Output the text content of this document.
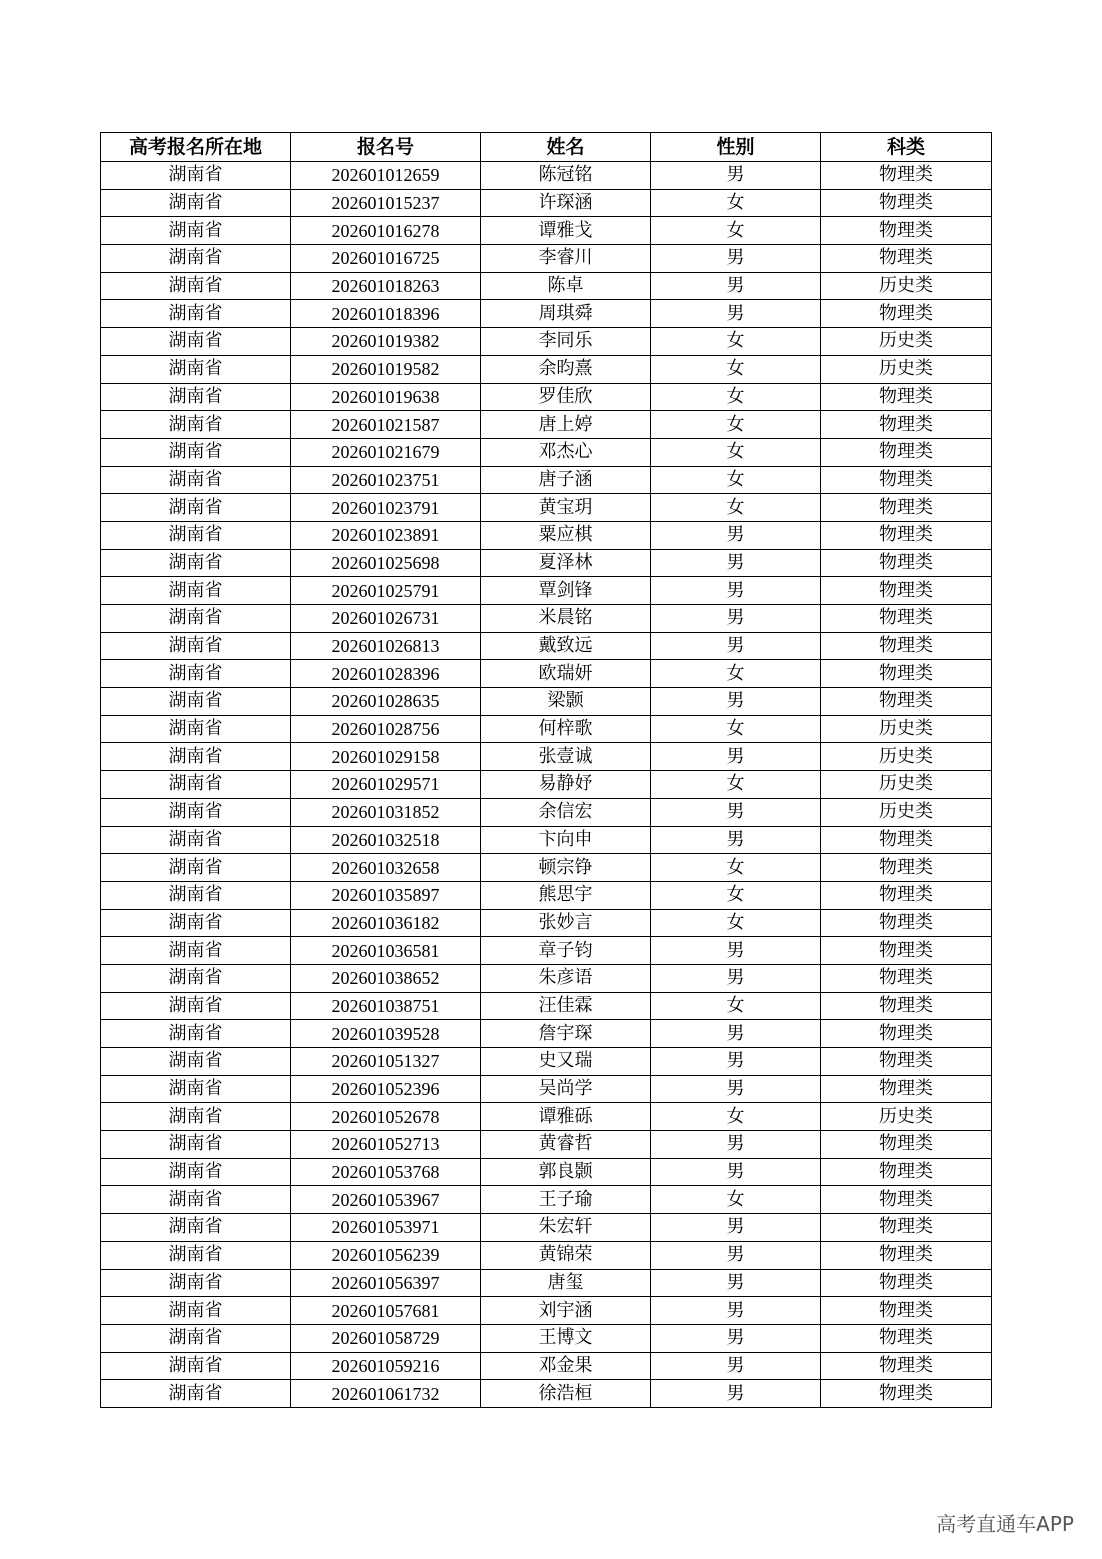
高考报名所在地	报名号	姓名	性别	科类
湖南省	202601012659	陈冠铭	男	物理类
湖南省	202601015237	许琛涵	女	物理类
湖南省	202601016278	谭雅戈	女	物理类
湖南省	202601016725	李睿川	男	物理类
湖南省	202601018263	陈卓	男	历史类
湖南省	202601018396	周琪舜	男	物理类
湖南省	202601019382	李同乐	女	历史类
湖南省	202601019582	余昀熹	女	历史类
湖南省	202601019638	罗佳欣	女	物理类
湖南省	202601021587	唐上婷	女	物理类
湖南省	202601021679	邓杰心	女	物理类
湖南省	202601023751	唐子涵	女	物理类
湖南省	202601023791	黄宝玥	女	物理类
湖南省	202601023891	粟应棋	男	物理类
湖南省	202601025698	夏泽林	男	物理类
湖南省	202601025791	覃剑锋	男	物理类
湖南省	202601026731	米晨铭	男	物理类
湖南省	202601026813	戴致远	男	物理类
湖南省	202601028396	欧瑞妍	女	物理类
湖南省	202601028635	梁颢	男	物理类
湖南省	202601028756	何梓歌	女	历史类
湖南省	202601029158	张壹诚	男	历史类
湖南省	202601029571	易静妤	女	历史类
湖南省	202601031852	余信宏	男	历史类
湖南省	202601032518	卞向申	男	物理类
湖南省	202601032658	顿宗铮	女	物理类
湖南省	202601035897	熊思宇	女	物理类
湖南省	202601036182	张妙言	女	物理类
湖南省	202601036581	章子钧	男	物理类
湖南省	202601038652	朱彦语	男	物理类
湖南省	202601038751	汪佳霖	女	物理类
湖南省	202601039528	詹宇琛	男	物理类
湖南省	202601051327	史又瑞	男	物理类
湖南省	202601052396	吴尚学	男	物理类
湖南省	202601052678	谭雅砾	女	历史类
湖南省	202601052713	黄睿哲	男	物理类
湖南省	202601053768	郭良颢	男	物理类
湖南省	202601053967	王子瑜	女	物理类
湖南省	202601053971	朱宏轩	男	物理类
湖南省	202601056239	黄锦荣	男	物理类
湖南省	202601056397	唐玺	男	物理类
湖南省	202601057681	刘宇涵	男	物理类
湖南省	202601058729	王博文	男	物理类
湖南省	202601059216	邓金果	男	物理类
湖南省	202601061732	徐浩桓	男	物理类
高考直通车APP
